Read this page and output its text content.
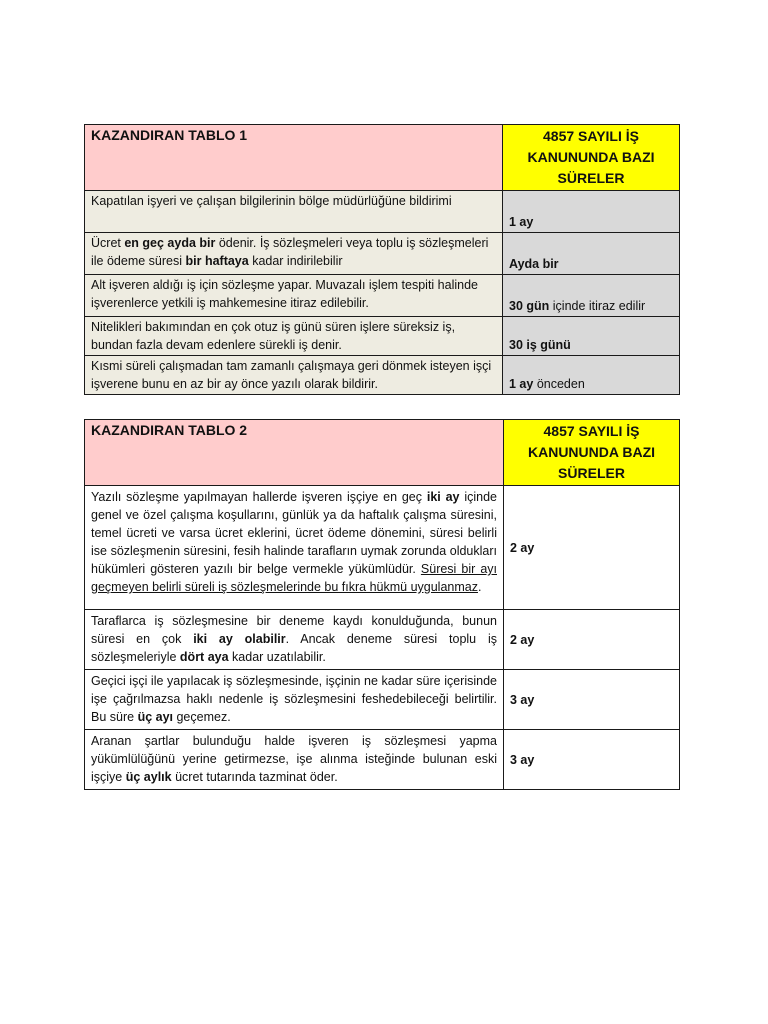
KAZANDIRAN TABLO 1	4857 SAYILI İŞ KANUNUNDA BAZI SÜRELER
Kapatılan işyeri ve çalışan bilgilerinin bölge müdürlüğüne bildirimi	1 ay
Ücret en geç ayda bir ödenir. İş sözleşmeleri veya toplu iş sözleşmeleri ile ödeme süresi bir haftaya kadar indirilebilir	Ayda bir
Alt işveren aldığı iş için sözleşme yapar. Muvazalı işlem tespiti halinde işverenlerce yetkili iş mahkemesine itiraz edilebilir.	30 gün içinde itiraz edilir
Nitelikleri bakımından en çok otuz iş günü süren işlere süreksiz iş, bundan fazla devam edenlere sürekli iş denir.	30 iş günü
Kısmi süreli çalışmadan tam zamanlı çalışmaya geri dönmek isteyen işçi işverene bunu en az bir ay önce yazılı olarak bildirir.	1 ay önceden
KAZANDIRAN TABLO 2	4857 SAYILI İŞ KANUNUNDA BAZI SÜRELER
Yazılı sözleşme yapılmayan hallerde işveren işçiye en geç iki ay içinde genel ve özel çalışma koşullarını, günlük ya da haftalık çalışma süresini, temel ücreti ve varsa ücret eklerini, ücret ödeme dönemini, süresi belirli ise sözleşmenin süresini, fesih halinde tarafların uymak zorunda oldukları hükümleri gösteren yazılı bir belge vermekle yükümlüdür. Süresi bir ayı geçmeyen belirli süreli iş sözleşmelerinde bu fıkra hükmü uygulanmaz.	2 ay
Taraflarca iş sözleşmesine bir deneme kaydı konulduğunda, bunun süresi en çok iki ay olabilir. Ancak deneme süresi toplu iş sözleşmeleriyle dört aya kadar uzatılabilir.	2 ay
Geçici işçi ile yapılacak iş sözleşmesinde, işçinin ne kadar süre içerisinde işe çağrılmazsa haklı nedenle iş sözleşmesini feshedebileceği belirtilir. Bu süre üç ayı geçemez.	3 ay
Aranan şartlar bulunduğu halde işveren iş sözleşmesi yapma yükümlülüğünü yerine getirmezse, işe alınma isteğinde bulunan eski işçiye üç aylık ücret tutarında tazminat öder.	3 ay
